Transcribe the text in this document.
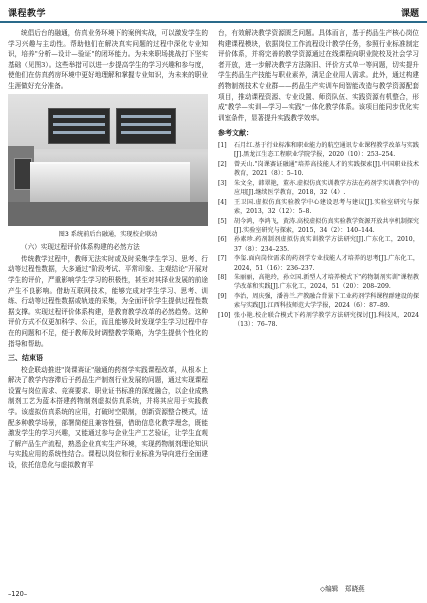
课程教学	课题

统倡后台的融通，仿真业务环境下的案例实战，可以激发学生的学习兴趣与主动性。帮助他们在解决真实问题的过程中深化专业知识，培养"分析—设计—验证"的闭环能力。为未来职场挑战打下坚实基础（见图3）。这些举措可以进一步提高学生的学习兴趣和参与度，使他们在仿真药房环境中更好地理解和掌握专业知识，为未来的职业生涯做好充分准备。

图3 系统前后台融通，实现校企联动

（六）实现过程评价体系构建的必然方法

传统教学过程中，教师无法实时或及时采集学生学习、思考、行动等过程性数据，大多通过"阶段考试、平常印象、主观结论"开展对学生的评价，严重影响学生学习的积极性，甚至对其择业发展的前途产生不良影响。借助互联网技术，能够完成对学生学习、思考、训练、行动等过程性数据或轨迹的采集，为全面评价学生提供过程性数据支撑。实现过程评价体系构建，是教育教学改革的必然趋势。这种评价方式不仅更加科学、公正，而且能够及时发现学生学习过程中存在的问题和不足，便于教师及时调整教学策略，为学生提供个性化的指导和帮助。

三、结束语

校企联动推进"岗课赛证"融通的药剂学实践课程改革，从根本上解决了教学内容滞后于药品生产制剂行业发展的问题，通过实现课程设置与岗位需求、竞赛要求、职业证书标准的深度融合，以企业成熟制剂工艺为蓝本搭建药物制剂虚拟仿真系统，并将其应用于实践教学。该虚拟仿真系统的应用，打破时空限制，创新资源整合模式，适配多种教学场景，部署简便且兼容性强，借助信息化教学理念，既能激发学生的学习兴趣，又能通过参与企业生产工艺验证，让学生直观了解产品生产流程，熟悉企业真实生产环境，实现药物制剂理论知识与实践应用的系统性结合。课程以岗位和行业标准为导向进行全面建设，依托信息化与虚拟教育平

台，有效解决教学资源匮乏问题。具体而言，基于药品生产核心岗位构建课程模块，依据岗位工作流程设计教学任务，参照行业标准制定评价体系，并将完善的教学资源通过在线课程向职业院校及社会学习者开放，进一步解决教学方法陈旧、评价方式单一等问题，切实提升学生药品生产技能与职业素养，满足企业用人需求。此外，通过构建药物制剂技术专业群——药品生产实训车间智能改造与教学资源配套项目，推动课程资源、专业设置、师资队伍、实践资源有机整合，形成"教学—实训—学习—实践"一体化教学体系。该项目能同步优化实训室条件，显著提升实践教学效率。

参考文献：
[1]	石月红.基于行业标准和职业能力的航空通讯专业课程教学改革与实践[J].黑龙江生态工程职业学院学报，2020（10）：253–254.
[2]	曾天山."岗课赛证融通"培养高技能人才的实践探索[J].中国职业技术教育，2021（8）：5–10.
[3]	朱文全，韩翠艳，董亦.虚拟仿真实训教学方法在药剂学实训教学中的应用[J].继续医学教育，2018，32（4）.
[4]	王卫国.虚拟仿真实验教学中心建设思考与建议[J].实验室研究与探索，2013，32（12）：5–8.
[5]	胡今鸿，李鸿飞，黄涛.高校虚拟仿真实验教学资源开放共享机制探究[J].实验室研究与探索，2015，34（2）：140–144.
[6]	孙素珍.药剂制剂虚拟仿真实训教学方法研究[J].广东化工，2010，37（8）：234–235.
[7]	李玺.面向岗位需求的药剂学专业技能人才培养的思考[J].广东化工，2024，51（16）：236–237.
[8]	朱丽丽，高艳玲，孙立国.新型人才培养模式下"药物制剂实训"课程教学改革和实践[J].广东化工，2024，51（20）：208–209.
[9]	李治，周庆强，潘善兰.产教融合背景下工业药剂学科课程群建设的探索与实践[J].江西科技师范大学学报，2024（6）：87–89.
[10] 张小艳.校企联合模式下药剂学教学方法研究探讨[J].科技风，2024（13）：76–78.
◇编辑　郑晓燕
–120–
